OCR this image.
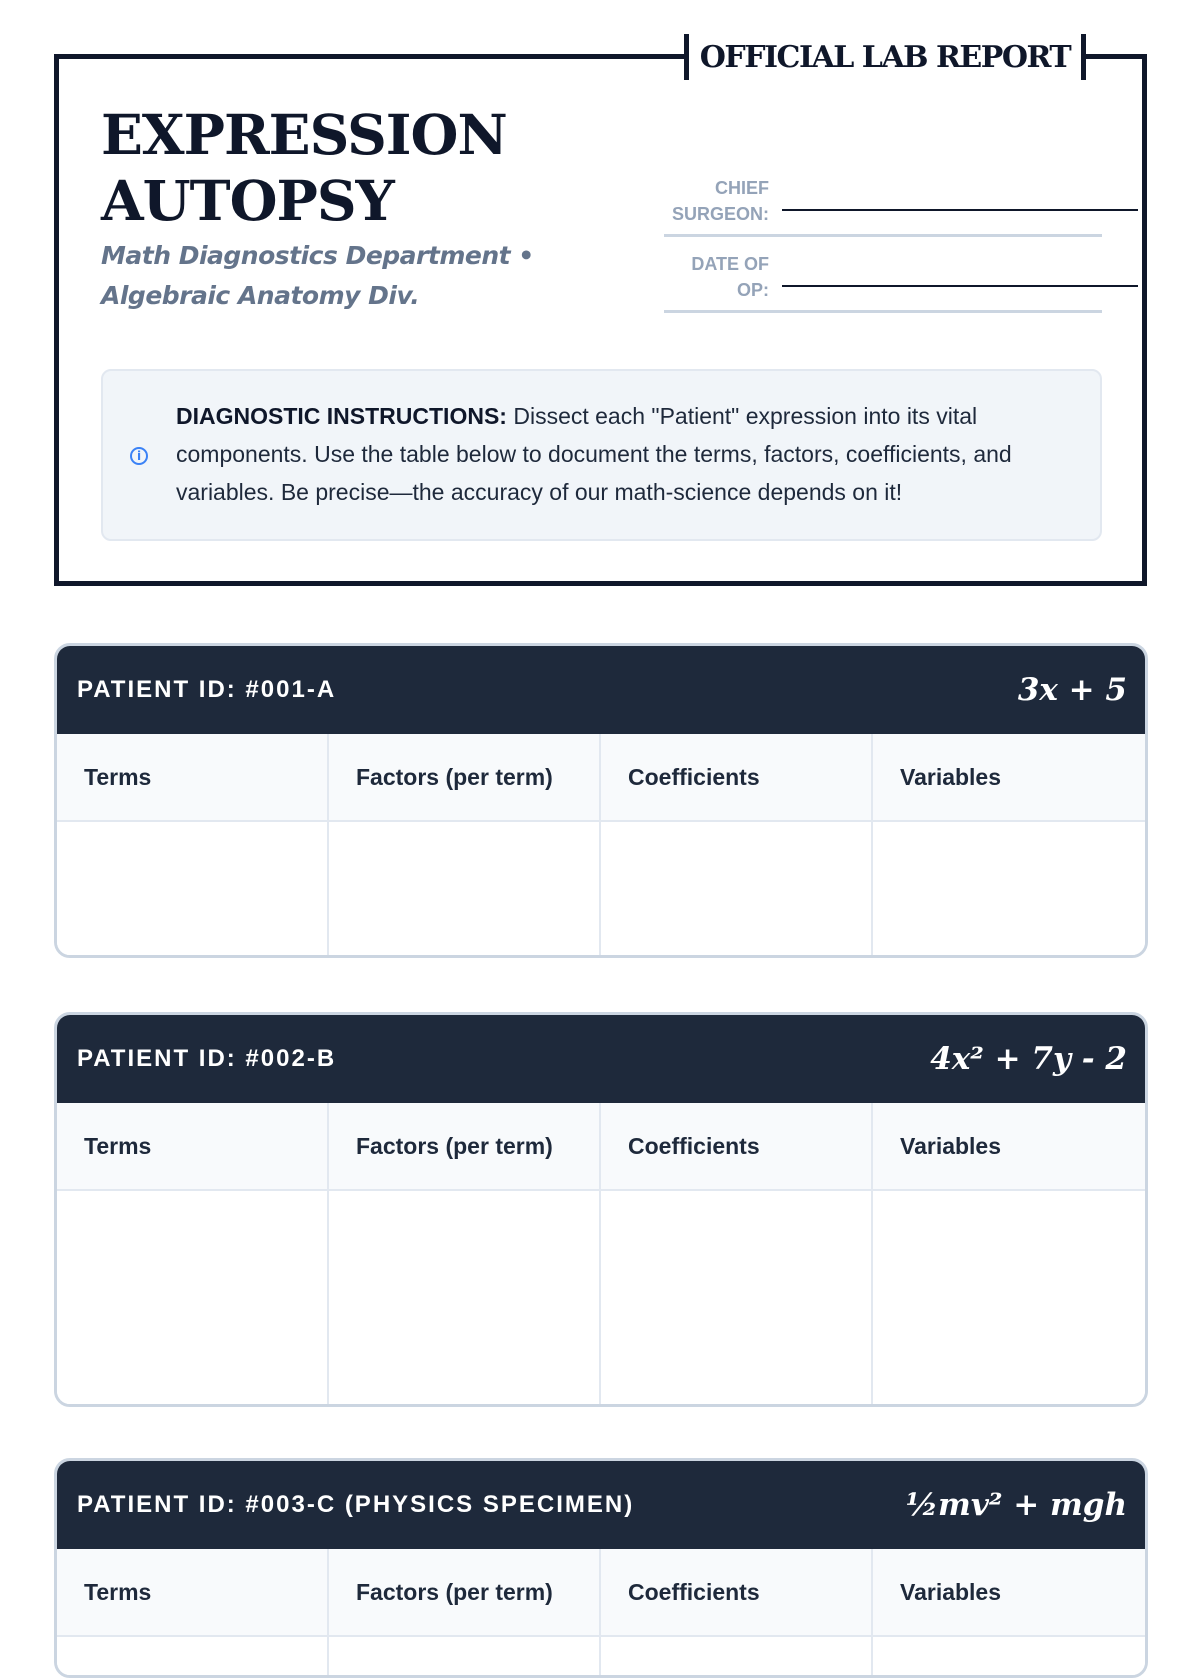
OFFICIAL LAB REPORT
EXPRESSION
AUTOPSY
Math Diagnostics Department • Algebraic Anatomy Div.
CHIEF SURGEON:
DATE OF OP:
i
DIAGNOSTIC INSTRUCTIONS: Dissect each "Patient" expression into its vital components. Use the table below to document the terms, factors, coefficients, and variables. Be precise—the accuracy of our math-science depends on it!
PATIENT ID: #001-A	3x + 5
Terms	Factors (per term)	Coefficients	Variables
PATIENT ID: #002-B	4x² + 7y - 2
Terms	Factors (per term)	Coefficients	Variables
PATIENT ID: #003-C (PHYSICS SPECIMEN)	½mv² + mgh
Terms	Factors (per term)	Coefficients	Variables
